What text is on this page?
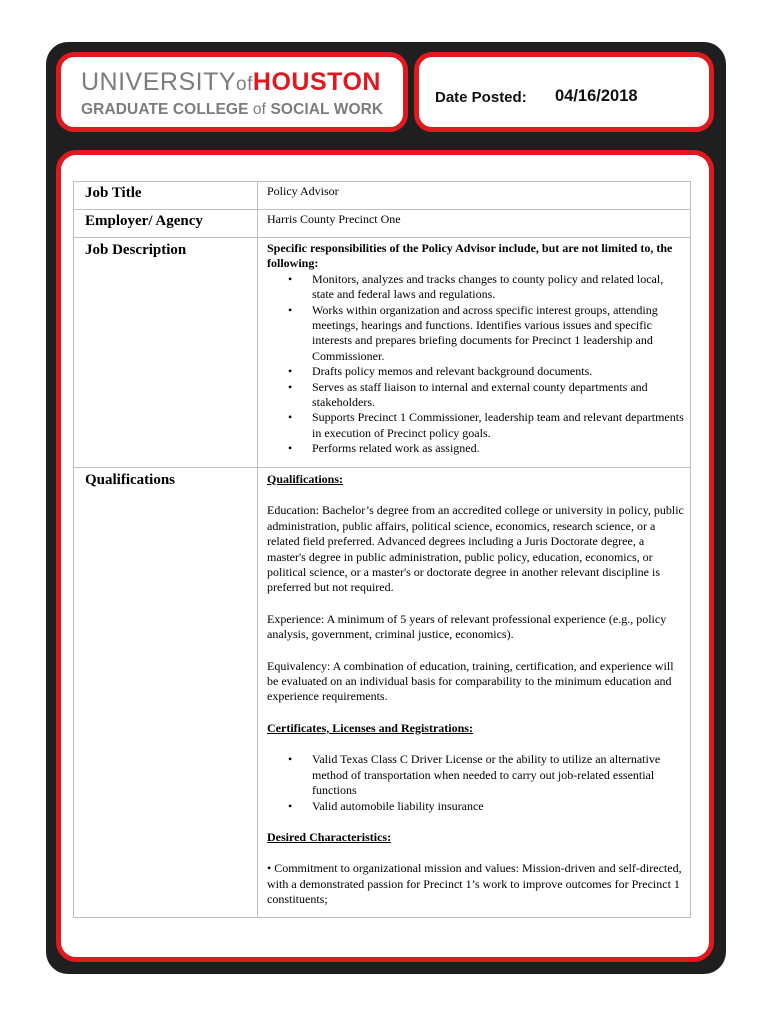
UNIVERSITYofHOUSTON
GRADUATE COLLEGE of SOCIAL WORK
Date Posted: 04/16/2018
Job Title	Policy Advisor
Employer/ Agency	Harris County Precinct One
Job Description	Specific responsibilities of the Policy Advisor include, but are not limited to, the following:

• Monitors, analyzes and tracks changes to county policy and related local, state and federal laws and regulations.
• Works within organization and across specific interest groups, attending meetings, hearings and functions. Identifies various issues and specific interests and prepares briefing documents for Precinct 1 leadership and Commissioner.
• Drafts policy memos and relevant background documents.
• Serves as staff liaison to internal and external county departments and stakeholders.
• Supports Precinct 1 Commissioner, leadership team and relevant departments in execution of Precinct policy goals.
• Performs related work as assigned.
Qualifications	Qualifications:

Education: Bachelor’s degree from an accredited college or university in policy, public administration, public affairs, political science, economics, research science, or a related field preferred. Advanced degrees including a Juris Doctorate degree, a master's degree in public administration, public policy, education, economics, or political science, or a master's or doctorate degree in another relevant discipline is preferred but not required.

Experience: A minimum of 5 years of relevant professional experience (e.g., policy analysis, government, criminal justice, economics).

Equivalency: A combination of education, training, certification, and experience will be evaluated on an individual basis for comparability to the minimum education and experience requirements.

Certificates, Licenses and Registrations:

• Valid Texas Class C Driver License or the ability to utilize an alternative method of transportation when needed to carry out job-related essential functions
• Valid automobile liability insurance

Desired Characteristics:

• Commitment to organizational mission and values: Mission-driven and self-directed, with a demonstrated passion for Precinct 1’s work to improve outcomes for Precinct 1 constituents;
